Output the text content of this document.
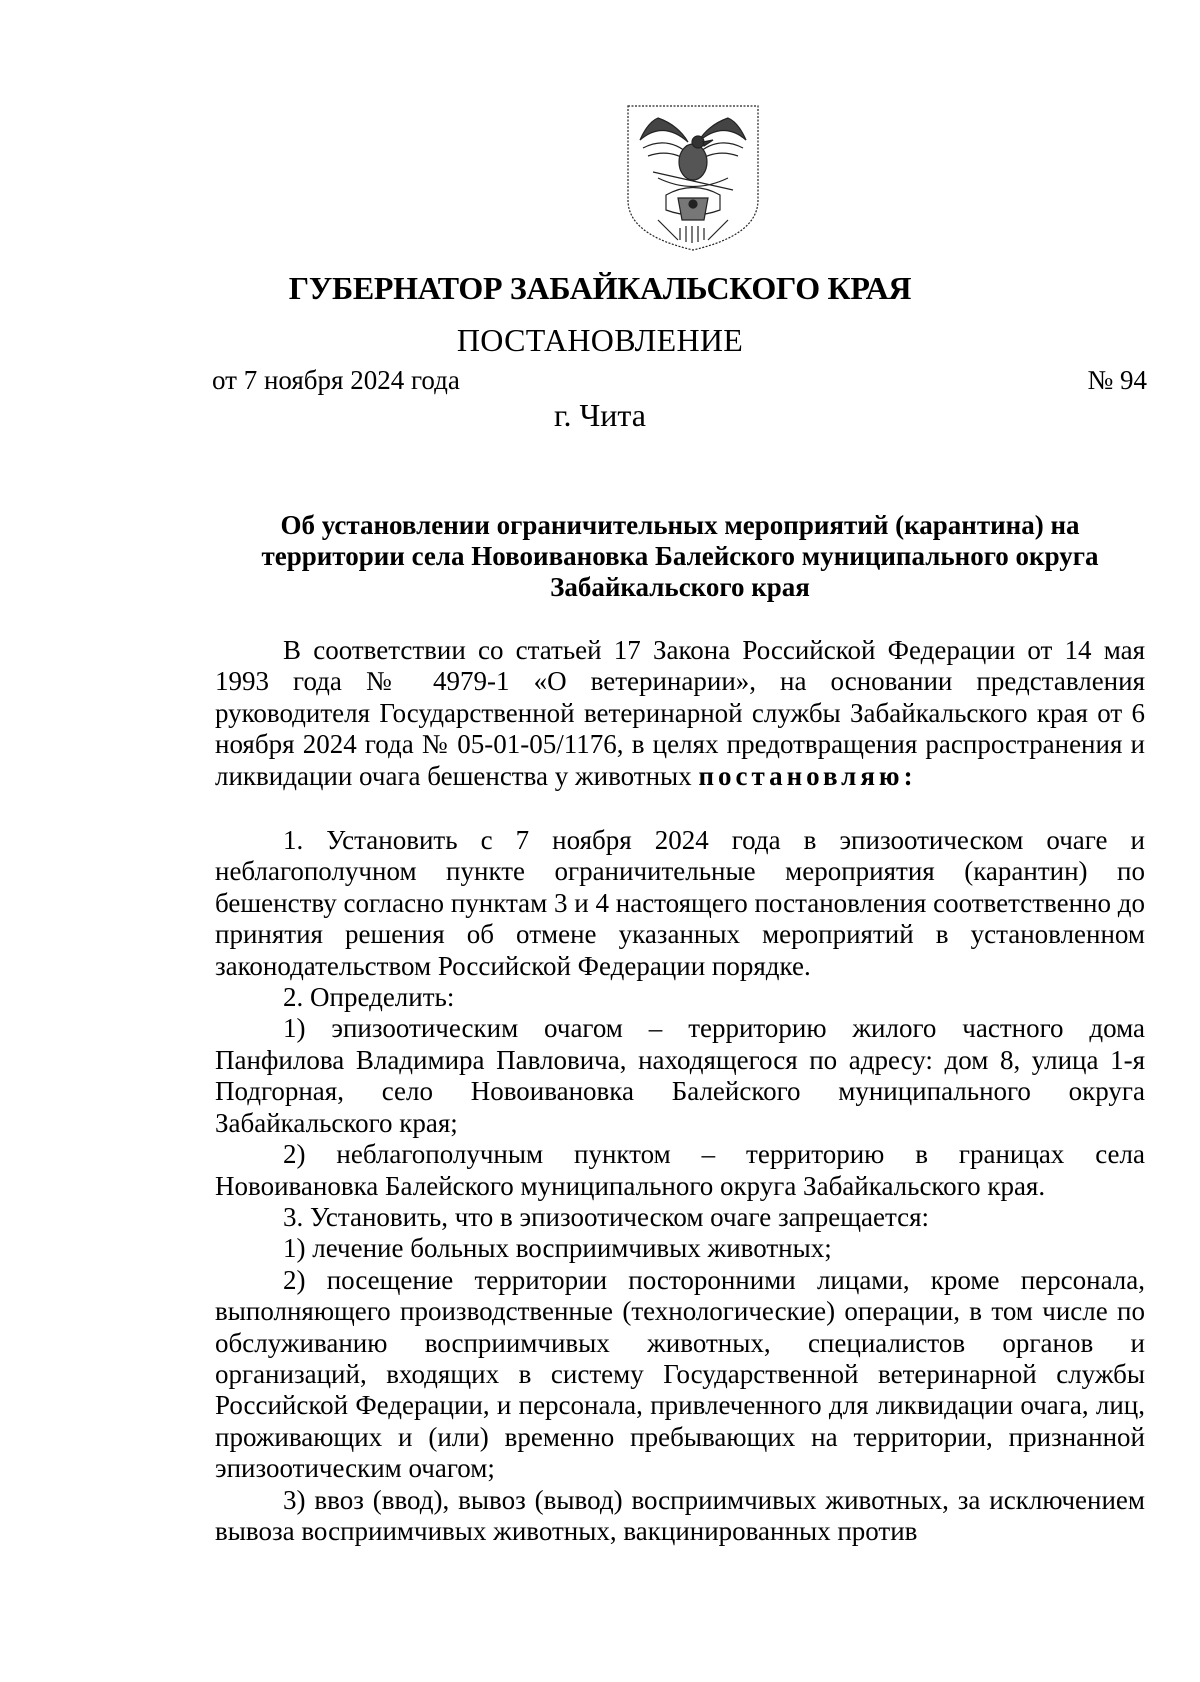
ГУБЕРНАТОР ЗАБАЙКАЛЬСКОГО КРАЯ
ПОСТАНОВЛЕНИЕ
от 7 ноября 2024 года	№ 94
г. Чита
Об установлении ограничительных мероприятий (карантина) на территории села Новоивановка Балейского муниципального округа Забайкальского края

В соответствии со статьей 17 Закона Российской Федерации от 14 мая 1993 года № 4979-1 «О ветеринарии», на основании представления руководителя Государственной ветеринарной службы Забайкальского края от 6 ноября 2024 года № 05-01-05/1176, в целях предотвращения распространения и ликвидации очага бешенства у животных постановляю:

1. Установить с 7 ноября 2024 года в эпизоотическом очаге и неблагополучном пункте ограничительные мероприятия (карантин) по бешенству согласно пунктам 3 и 4 настоящего постановления соответственно до принятия решения об отмене указанных мероприятий в установленном законодательством Российской Федерации порядке.

2. Определить:

1) эпизоотическим очагом – территорию жилого частного дома Панфилова Владимира Павловича, находящегося по адресу: дом 8, улица 1-я Подгорная, село Новоивановка Балейского муниципального округа Забайкальского края;

2) неблагополучным пунктом – территорию в границах села Новоивановка Балейского муниципального округа Забайкальского края.

3. Установить, что в эпизоотическом очаге запрещается:

1) лечение больных восприимчивых животных;

2) посещение территории посторонними лицами, кроме персонала, выполняющего производственные (технологические) операции, в том числе по обслуживанию восприимчивых животных, специалистов органов и организаций, входящих в систему Государственной ветеринарной службы Российской Федерации, и персонала, привлеченного для ликвидации очага, лиц, проживающих и (или) временно пребывающих на территории, признанной эпизоотическим очагом;

3) ввоз (ввод), вывоз (вывод) восприимчивых животных, за исключением вывоза восприимчивых животных, вакцинированных против
